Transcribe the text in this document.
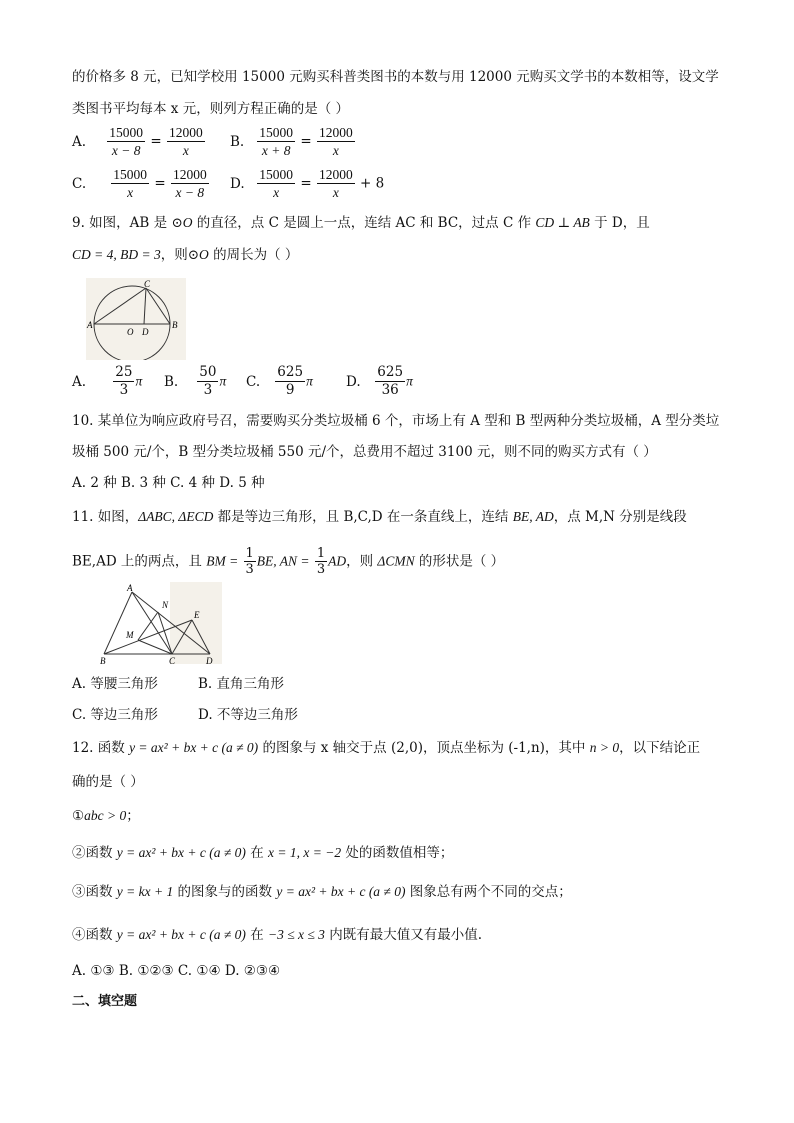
的价格多 8 元，已知学校用 15000 元购买科普类图书的本数与用 12000 元购买文学书的本数相等，设文学
类图书平均每本 x 元，则列方程正确的是（ ）
A. $\frac{15000}{x - 8} = \frac{12000}{x} B$. $\frac{15000}{x + 8} = \frac{12000}{x}$
C. $\frac{15000}{x} = \frac{12000}{x - 8} D$. $\frac{15000}{x} = \frac{12000}{x} + 8$
9. 如图，AB 是 ⊙O 的直径，点 C 是圆上一点，连结 AC 和 BC，过点 C 作 CD ⊥ AB 于 D，且
CD = 4, BD = 3，则⊙O 的周长为（ ）
A	B
C
O D
A. $\frac{25}{3}$ π B. $\frac{50}{3}$ π C. $\frac{625}{9}$ π D. $\frac{625}{36}$ π
10. 某单位为响应政府号召，需要购买分类垃圾桶 6 个，市场上有 A 型和 B 型两种分类垃圾桶，A 型分类垃
圾桶 500 元/个，B 型分类垃圾桶 550 元/个，总费用不超过 3100 元，则不同的购买方式有（ ）
A. 2 种 B. 3 种 C. 4 种 D. 5 种
11. 如图，ΔABC, ΔECD 都是等边三角形，且 B,C,D 在一条直线上，连结 BE, AD，点 M,N 分别是线段
BE,AD 上的两点，且 BM = $\frac{1}{3}$ BE, AN = $\frac{1}{3}$ AD，则 ΔCMN 的形状是（ ）
A
N
E
M
B	C	D
A. 等腰三角形	B. 直角三角形
C. 等边三角形	D. 不等边三角形
12. 函数 y = ax² + bx + c (a ≠ 0) 的图象与 x 轴交于点 (2,0)，顶点坐标为 (-1,n)，其中 n > 0，以下结论正
确的是（ ）
①abc > 0；
②函数 y = ax² + bx + c (a ≠ 0) 在 x = 1, x = −2 处的函数值相等；
③函数 y = kx + 1 的图象与的函数 y = ax² + bx + c (a ≠ 0) 图象总有两个不同的交点；
④函数 y = ax² + bx + c (a ≠ 0) 在 −3 ≤ x ≤ 3 内既有最大值又有最小值.
A. ①③ B. ①②③ C. ①④ D. ②③④
二、填空题
